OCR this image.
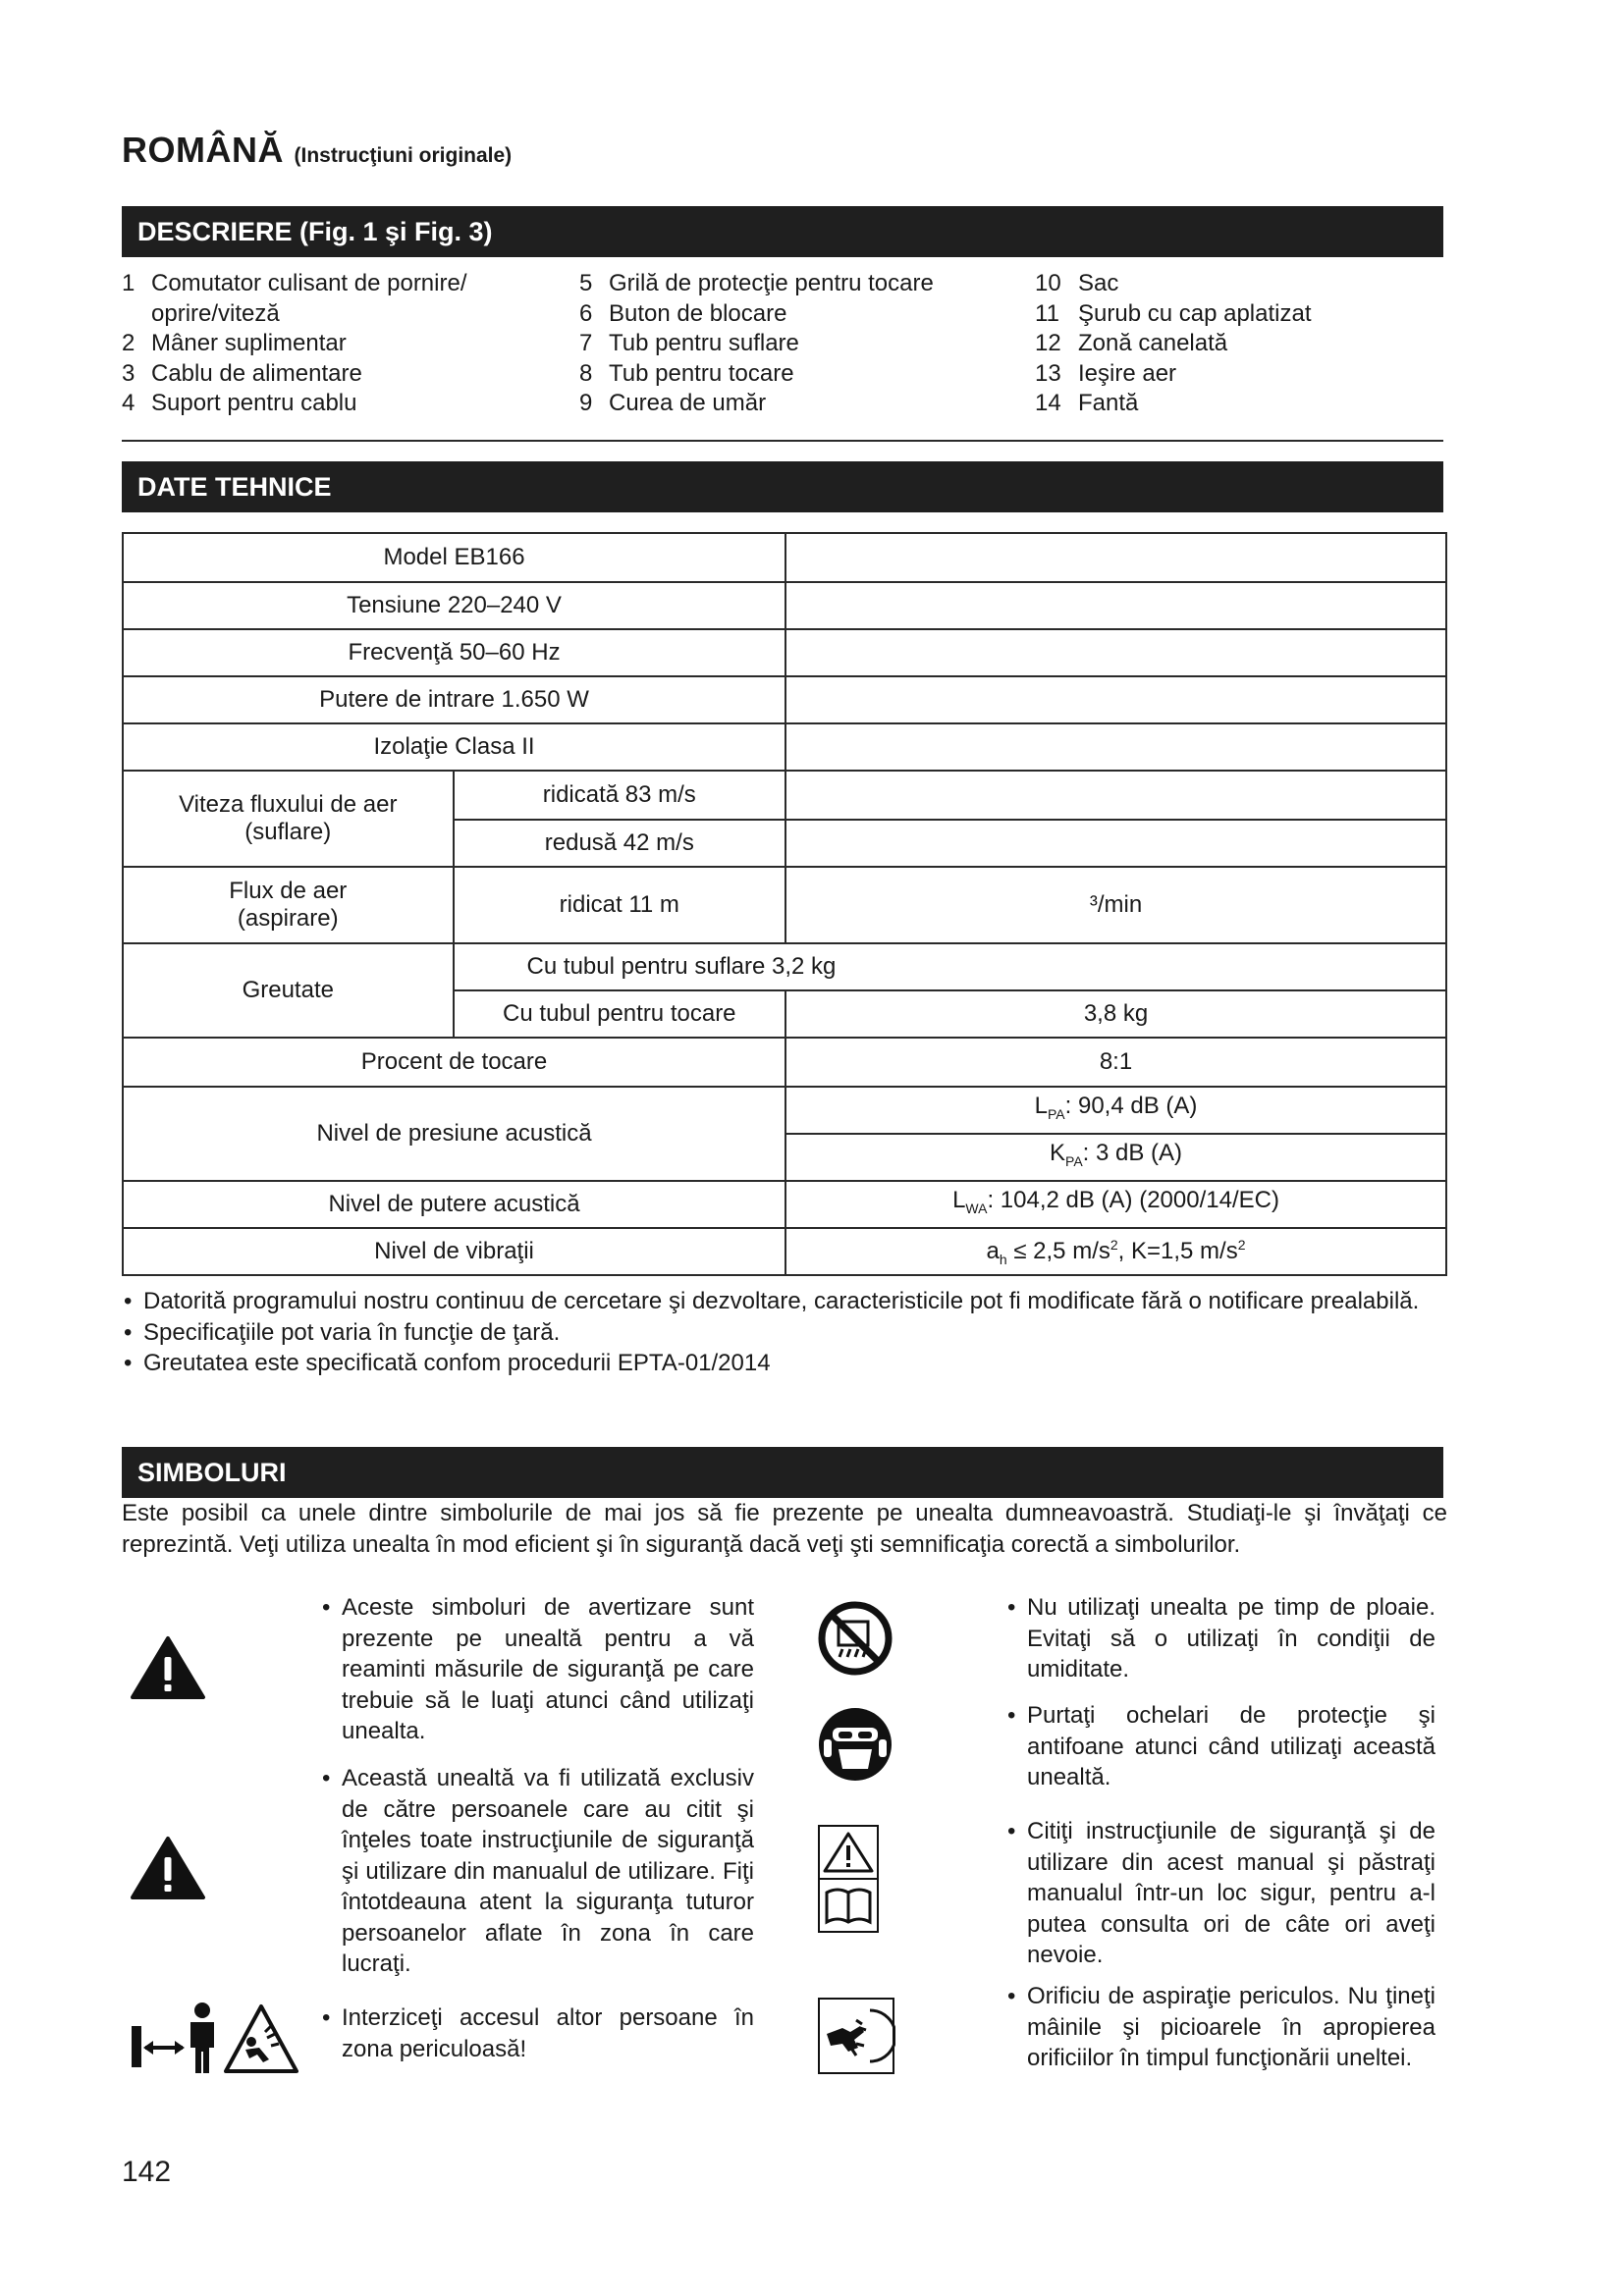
ROMÂNĂ (Instrucţiuni originale)
DESCRIERE (Fig. 1 şi Fig. 3)
1 Comutator culisant de pornire/
oprire/viteză
2 Mâner suplimentar
3 Cablu de alimentare
4 Suport pentru cablu
5 Grilă de protecţie pentru tocare
6 Buton de blocare
7 Tub pentru suflare
8 Tub pentru tocare
9 Curea de umăr
10 Sac
11 Şurub cu cap aplatizat
12 Zonă canelată
13 Ieşire aer
14 Fantă
DATE TEHNICE
Model EB166		
Tensiune 220–240 V		
Frecvenţă 50–60 Hz		
Putere de intrare 1.650 W		
Izolaţie Clasa II		
Viteza fluxului de aer
(suflare)	ridicată 83 m/s	
	redusă 42 m/s	
Flux de aer
(aspirare)	ridicat 11 m	³/min
Greutate	Cu tubul pentru suflare 3,2 kg	
	Cu tubul pentru tocare	3,8 kg
Procent de tocare		8:1
Nivel de presiune acustică		$L_{PA}$: 90,4 dB (A)
		$K_{PA}$: 3 dB (A)
Nivel de putere acustică		$L_{WA}$: 104,2 dB (A) (2000/14/EC)
Nivel de vibraţii		$a_h \le 2,5$ $m/s^2$, K=1,5 $m/s^2$
• Datorită programului nostru continuu de cercetare şi dezvoltare, caracteristicile pot fi modificate fără o notificare prealabilă.
• Specificaţiile pot varia în funcţie de ţară.
• Greutatea este specificată confom procedurii EPTA-01/2014
SIMBOLURI
Este posibil ca unele dintre simbolurile de mai jos să fie prezente pe unealta dumneavoastră. Studiaţi-le şi învăţaţi ce reprezintă. Veţi utiliza unealta în mod eficient şi în siguranţă dacă veţi şti semnificaţia corectă a simbolurilor.
• Aceste simboluri de avertizare sunt prezente pe unealtă pentru a vă reaminti măsurile de siguranţă pe care trebuie să le luaţi atunci când utilizaţi unealta.
• Această unealtă va fi utilizată exclusiv de către persoanele care au citit şi înţeles toate instrucţiunile de siguranţă şi utilizare din manualul de utilizare. Fiţi întotdeauna atent la siguranţa tuturor persoanelor aflate în zona în care lucraţi.
• Interziceţi accesul altor persoane în zona periculoasă!
• Nu utilizaţi unealta pe timp de ploaie. Evitaţi să o utilizaţi în condiţii de umiditate.
• Purtaţi ochelari de protecţie şi antifoane atunci când utilizaţi această unealtă.
• Citiţi instrucţiunile de siguranţă şi de utilizare din acest manual şi păstraţi manualul într-un loc sigur, pentru a-l putea consulta ori de câte ori aveţi nevoie.
• Orificiu de aspiraţie periculos. Nu ţineţi mâinile şi picioarele în apropierea orificiilor în timpul funcţionării uneltei.
142
